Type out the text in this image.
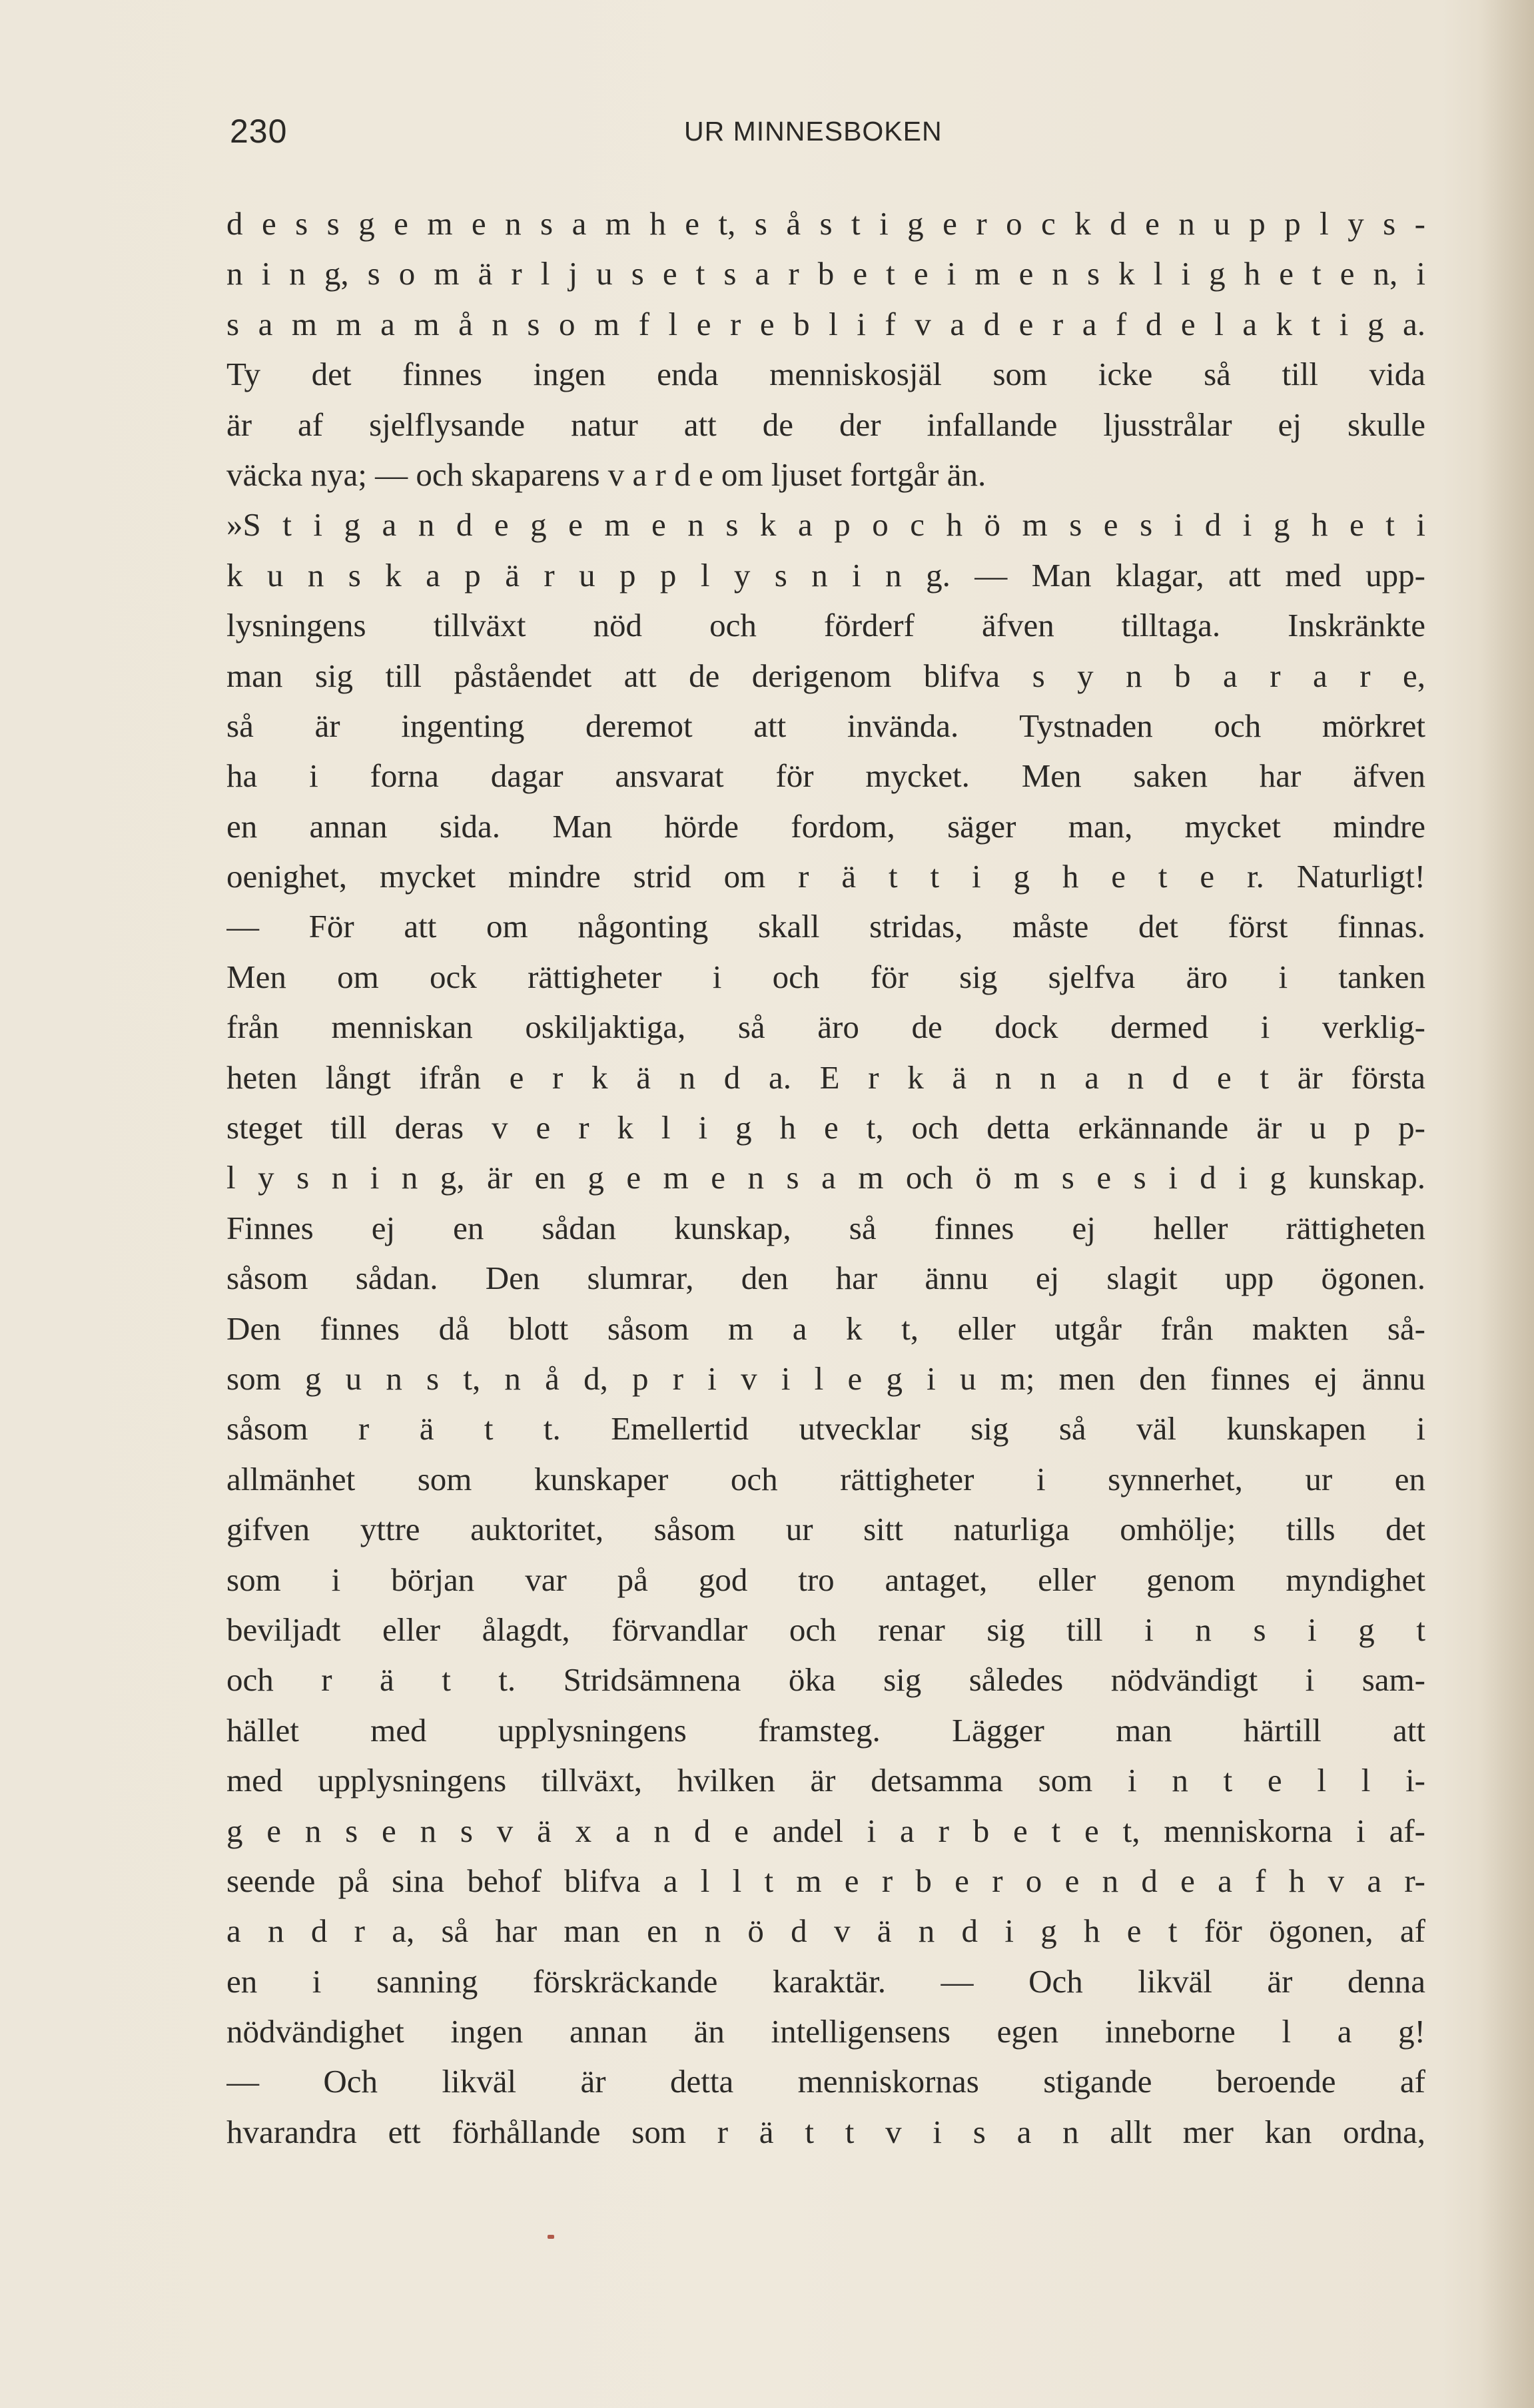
230	UR MINNESBOKEN
d e s s g e m e n s a m h e t, s å s t i g e r o c k d e n u p p l y s -
n i n g, s o m ä r l j u s e t s a r b e t e i m e n s k l i g h e t e n, i
s a m m a m å n s o m f l e r e b l i f v a d e r a f d e l a k t i g a.
Ty det finnes ingen enda menniskosjäl som icke så till vida
är af sjelflysande natur att de der infallande ljusstrålar ej skulle
väcka nya; — och skaparens v a r d e om ljuset fortgår än.
»S t i g a n d e g e m e n s k a p o c h ö m s e s i d i g h e t i
k u n s k a p ä r u p p l y s n i n g. — Man klagar, att med upp-
lysningens tillväxt nöd och förderf äfven tilltaga. Inskränkte
man sig till påståendet att de derigenom blifva s y n b a r a r e,
så är ingenting deremot att invända. Tystnaden och mörkret
ha i forna dagar ansvarat för mycket. Men saken har äfven
en annan sida. Man hörde fordom, säger man, mycket mindre
oenighet, mycket mindre strid om r ä t t i g h e t e r. Naturligt!
— För att om någonting skall stridas, måste det först finnas.
Men om ock rättigheter i och för sig sjelfva äro i tanken
från menniskan oskiljaktiga, så äro de dock dermed i verklig-
heten långt ifrån e r k ä n d a. E r k ä n n a n d e t är första
steget till deras v e r k l i g h e t, och detta erkännande är u p p-
l y s n i n g, är en g e m e n s a m och ö m s e s i d i g kunskap.
Finnes ej en sådan kunskap, så finnes ej heller rättigheten
såsom sådan. Den slumrar, den har ännu ej slagit upp ögonen.
Den finnes då blott såsom m a k t, eller utgår från makten så-
som g u n s t, n å d, p r i v i l e g i u m; men den finnes ej ännu
såsom r ä t t. Emellertid utvecklar sig så väl kunskapen i
allmänhet som kunskaper och rättigheter i synnerhet, ur en
gifven yttre auktoritet, såsom ur sitt naturliga omhölje; tills det
som i början var på god tro antaget, eller genom myndighet
beviljadt eller ålagdt, förvandlar och renar sig till i n s i g t
och r ä t t. Stridsämnena öka sig således nödvändigt i sam-
hället med upplysningens framsteg. Lägger man härtill att
med upplysningens tillväxt, hvilken är detsamma som i n t e l l i-
g e n s e n s v ä x a n d e andel i a r b e t e t, menniskorna i af-
seende på sina behof blifva a l l t m e r b e r o e n d e a f h v a r-
a n d r a, så har man en n ö d v ä n d i g h e t för ögonen, af
en i sanning förskräckande karaktär. — Och likväl är denna
nödvändighet ingen annan än intelligensens egen inneborne l a g!
— Och likväl är detta menniskornas stigande beroende af
hvarandra ett förhållande som r ä t t v i s a n allt mer kan ordna,
